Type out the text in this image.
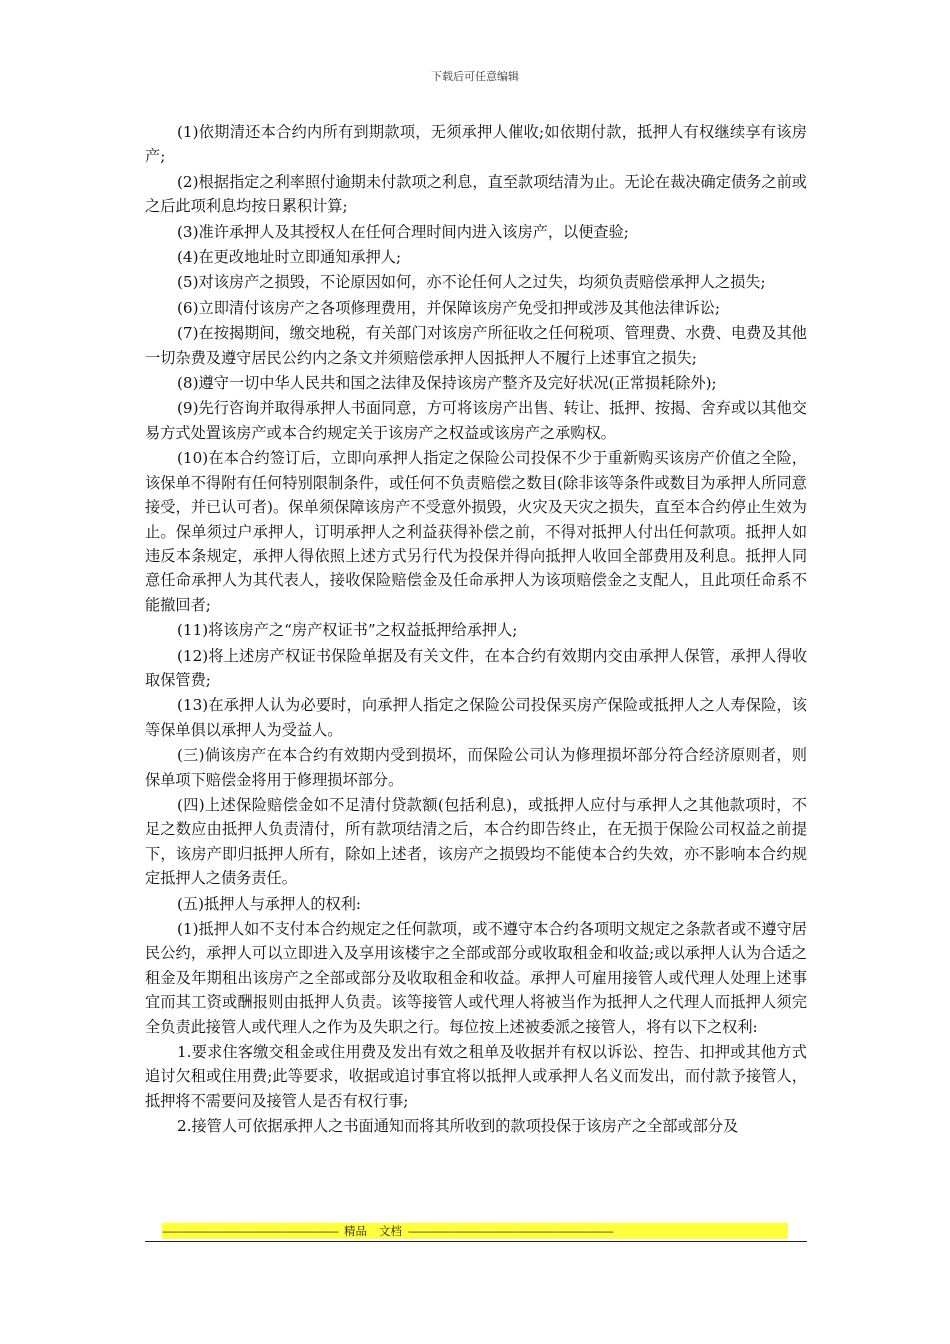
下载后可任意编辑

(1)依期清还本合约内所有到期款项，无须承押人催收;如依期付款，抵押人有权继续享有该房产;

(2)根据指定之利率照付逾期未付款项之利息，直至款项结清为止。无论在裁决确定债务之前或之后此项利息均按日累积计算;

(3)准许承押人及其授权人在任何合理时间内进入该房产，以便查验;

(4)在更改地址时立即通知承押人;

(5)对该房产之损毁，不论原因如何，亦不论任何人之过失，均须负责赔偿承押人之损失;

(6)立即清付该房产之各项修理费用，并保障该房产免受扣押或涉及其他法律诉讼;

(7)在按揭期间，缴交地税，有关部门对该房产所征收之任何税项、管理费、水费、电费及其他一切杂费及遵守居民公约内之条文并须赔偿承押人因抵押人不履行上述事宜之损失;

(8)遵守一切中华人民共和国之法律及保持该房产整齐及完好状况(正常损耗除外);

(9)先行咨询并取得承押人书面同意，方可将该房产出售、转让、抵押、按揭、舍弃或以其他交易方式处置该房产或本合约规定关于该房产之权益或该房产之承购权。

(10)在本合约签订后，立即向承押人指定之保险公司投保不少于重新购买该房产价值之全险，该保单不得附有任何特别限制条件，或任何不负责赔偿之数目(除非该等条件或数目为承押人所同意接受，并已认可者)。保单须保障该房产不受意外损毁，火灾及天灾之损失，直至本合约停止生效为止。保单须过户承押人，订明承押人之利益获得补偿之前，不得对抵押人付出任何款项。抵押人如违反本条规定，承押人得依照上述方式另行代为投保并得向抵押人收回全部费用及利息。抵押人同意任命承押人为其代表人，接收保险赔偿金及任命承押人为该项赔偿金之支配人，且此项任命系不能撤回者;

(11)将该房产之“房产权证书”之权益抵押给承押人;

(12)将上述房产权证书保险单据及有关文件，在本合约有效期内交由承押人保管，承押人得收取保管费;

(13)在承押人认为必要时，向承押人指定之保险公司投保买房产保险或抵押人之人寿保险，该等保单俱以承押人为受益人。

(三)倘该房产在本合约有效期内受到损坏，而保险公司认为修理损坏部分符合经济原则者，则保单项下赔偿金将用于修理损坏部分。

(四)上述保险赔偿金如不足清付贷款额(包括利息)，或抵押人应付与承押人之其他款项时，不足之数应由抵押人负责清付，所有款项结清之后，本合约即告终止，在无损于保险公司权益之前提下，该房产即归抵押人所有，除如上述者，该房产之损毁均不能使本合约失效，亦不影响本合约规定抵押人之债务责任。

(五)抵押人与承押人的权利:

(1)抵押人如不支付本合约规定之任何款项，或不遵守本合约各项明文规定之条款者或不遵守居民公约，承押人可以立即进入及享用该楼宇之全部或部分或收取租金和收益;或以承押人认为合适之租金及年期租出该房产之全部或部分及收取租金和收益。承押人可雇用接管人或代理人处理上述事宜而其工资或酬报则由抵押人负责。该等接管人或代理人将被当作为抵押人之代理人而抵押人须完全负责此接管人或代理人之作为及失职之行。每位按上述被委派之接管人，将有以下之权利:

1.要求住客缴交租金或住用费及发出有效之租单及收据并有权以诉讼、控告、扣押或其他方式追讨欠租或住用费;此等要求，收据或追讨事宜将以抵押人或承押人名义而发出，而付款予接管人，抵押将不需要问及接管人是否有权行事;

2.接管人可依据承押人之书面通知而将其所收到的款项投保于该房产之全部或部分及

------------------------------------------------------------- 精品 文档 -----------------------------------------------------------------------
